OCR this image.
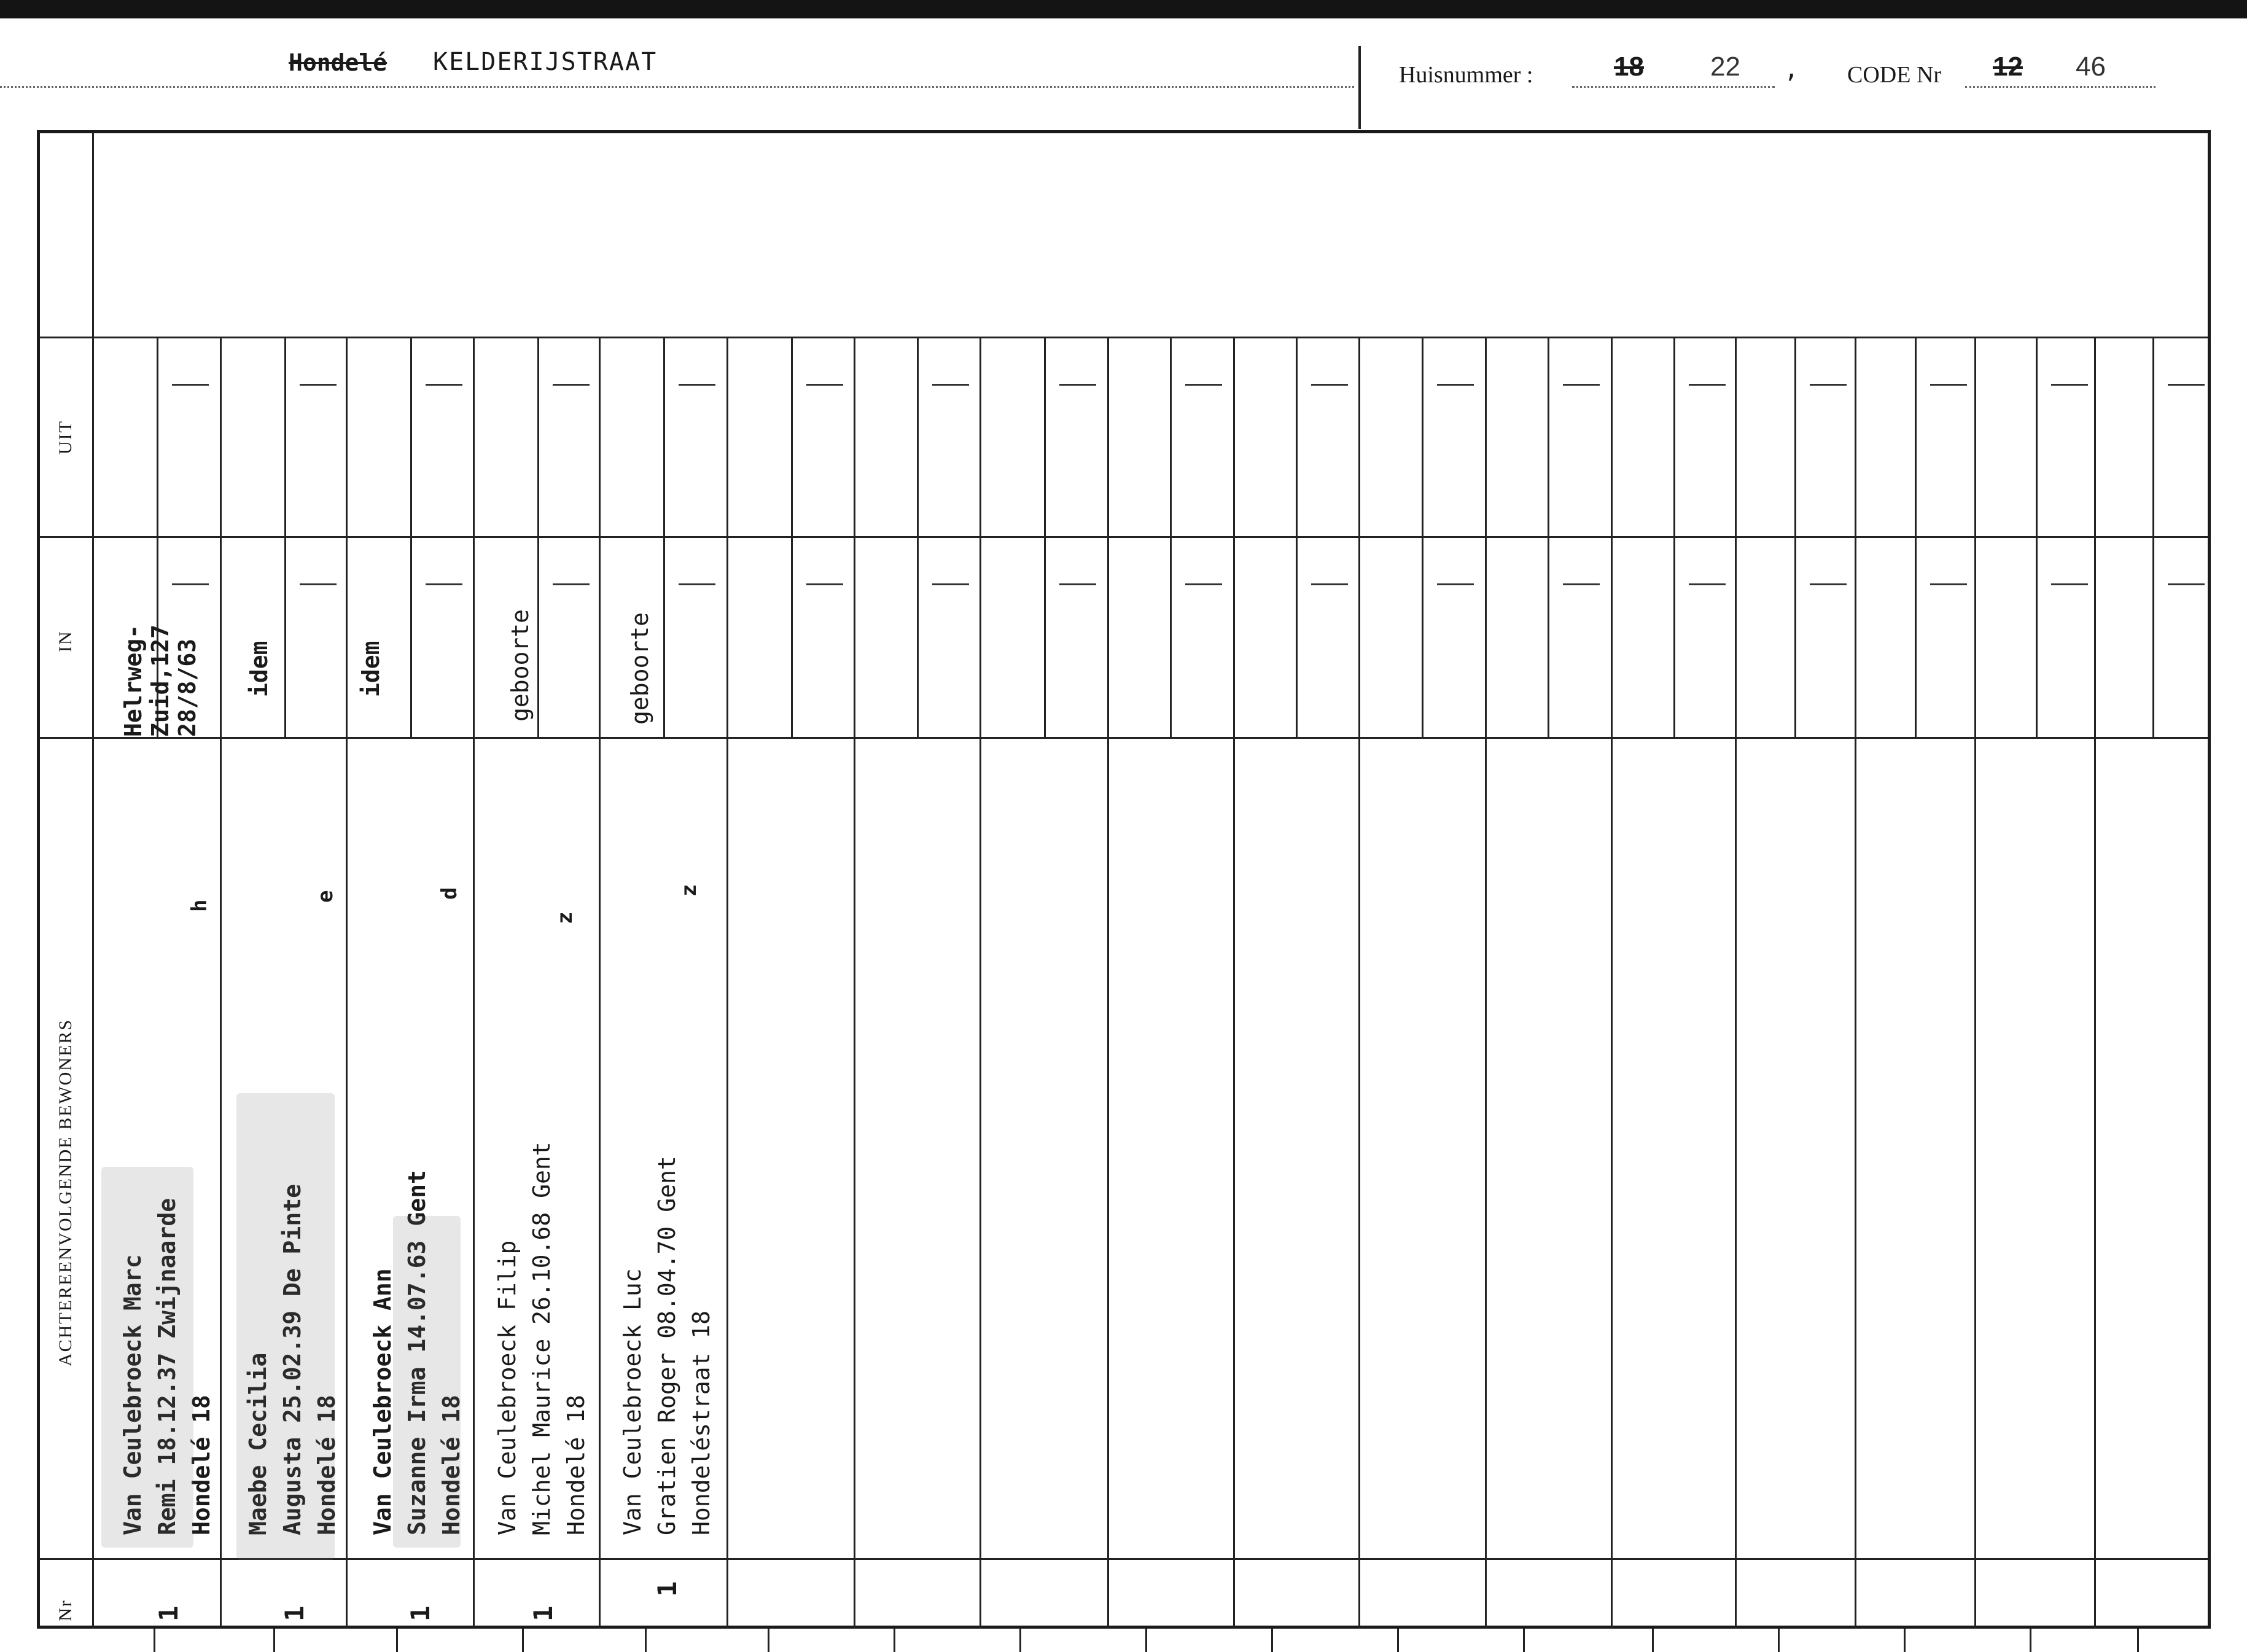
Hondelé KELDERIJSTRAAT	Huisnummer :	18 22 , CODE Nr 12 46
UIT
IN
ACHTEREENVOLGENDE BEWONERS
Nr
Helrweg- Zuid,127 28/8/63
Van Ceulebroeck Marc Remi 18.12.37 Zwijnaarde Hondelé 18
h
1
idem
Maebe Cecilia Augusta 25.02.39 De Pinte Hondelé 18
e
1
idem
Van Ceulebroeck Ann Suzanne Irma 14.07.63 Gent Hondelé 18
d
1
geboorte
Van Ceulebroeck Filip Michel Maurice 26.10.68 Gent Hondelé 18
z
1
geboorte
Van Ceulebroeck Luc Gratien Roger 08.04.70 Gent Hondeléstraat 18
z
1
